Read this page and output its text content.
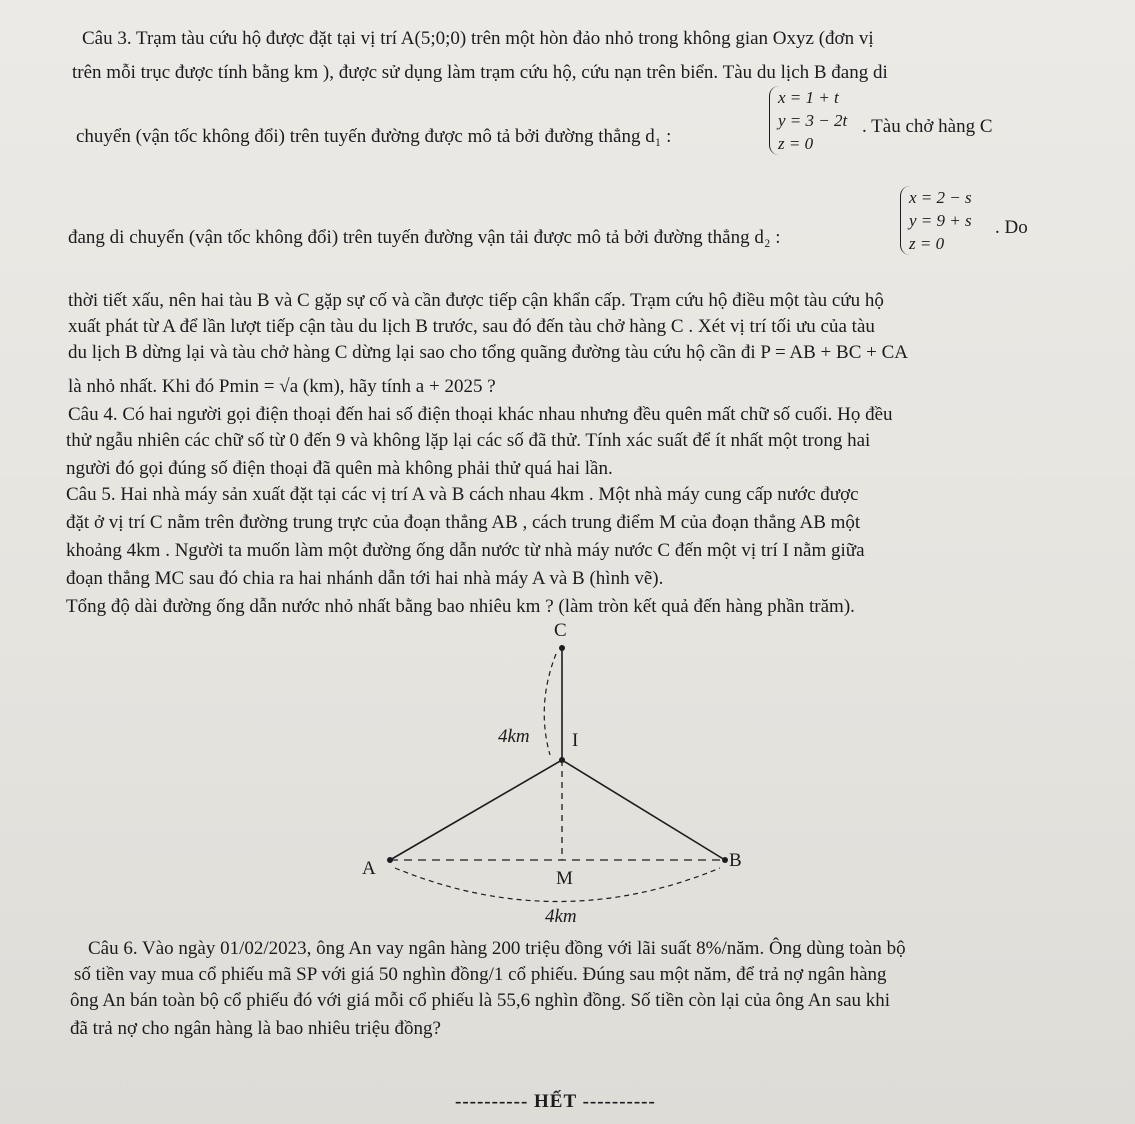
Câu 3. Trạm tàu cứu hộ được đặt tại vị trí A(5;0;0) trên một hòn đảo nhỏ trong không gian Oxyz (đơn vị
trên mỗi trục được tính bằng km ), được sử dụng làm trạm cứu hộ, cứu nạn trên biển. Tàu du lịch B đang di
chuyển (vận tốc không đổi) trên tuyến đường được mô tả bởi đường thẳng d₁ :
x = 1 + t
y = 3 − 2t
z = 0
. Tàu chở hàng C
đang di chuyển (vận tốc không đổi) trên tuyến đường vận tải được mô tả bởi đường thẳng d₂ :
x = 2 − s
y = 9 + s
z = 0
. Do
thời tiết xấu, nên hai tàu B và C gặp sự cố và cần được tiếp cận khẩn cấp. Trạm cứu hộ điều một tàu cứu hộ
xuất phát từ A để lần lượt tiếp cận tàu du lịch B trước, sau đó đến tàu chở hàng C . Xét vị trí tối ưu của tàu
du lịch B dừng lại và tàu chở hàng C dừng lại sao cho tổng quãng đường tàu cứu hộ cần đi P = AB + BC + CA
là nhỏ nhất. Khi đó Pmin = √a (km), hãy tính a + 2025 ?
Câu 4. Có hai người gọi điện thoại đến hai số điện thoại khác nhau nhưng đều quên mất chữ số cuối. Họ đều
thử ngẫu nhiên các chữ số từ 0 đến 9 và không lặp lại các số đã thử. Tính xác suất để ít nhất một trong hai
người đó gọi đúng số điện thoại đã quên mà không phải thử quá hai lần.
Câu 5. Hai nhà máy sản xuất đặt tại các vị trí A và B cách nhau 4km . Một nhà máy cung cấp nước được
đặt ở vị trí C nằm trên đường trung trực của đoạn thẳng AB , cách trung điểm M của đoạn thẳng AB một
khoảng 4km . Người ta muốn làm một đường ống dẫn nước từ nhà máy nước C đến một vị trí I nằm giữa
đoạn thẳng MC sau đó chia ra hai nhánh dẫn tới hai nhà máy A và B (hình vẽ).
Tổng độ dài đường ống dẫn nước nhỏ nhất bằng bao nhiêu km ? (làm tròn kết quả đến hàng phần trăm).
C
I
A	B
M
4km
4km
Câu 6. Vào ngày 01/02/2023, ông An vay ngân hàng 200 triệu đồng với lãi suất 8%/năm. Ông dùng toàn bộ
số tiền vay mua cổ phiếu mã SP với giá 50 nghìn đồng/1 cổ phiếu. Đúng sau một năm, để trả nợ ngân hàng
ông An bán toàn bộ cổ phiếu đó với giá mỗi cổ phiếu là 55,6 nghìn đồng. Số tiền còn lại của ông An sau khi
đã trả nợ cho ngân hàng là bao nhiêu triệu đồng?
---------- HẾT ----------
